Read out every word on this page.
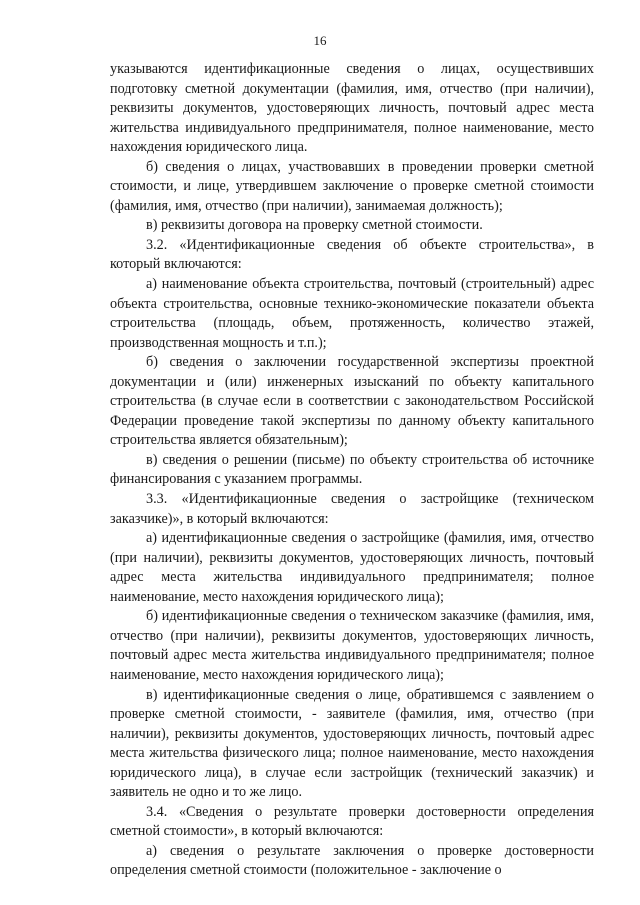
16

указываются идентификационные сведения о лицах, осуществивших подготовку сметной документации (фамилия, имя, отчество (при наличии), реквизиты документов, удостоверяющих личность, почтовый адрес места жительства индивидуального предпринимателя, полное наименование, место нахождения юридического лица.

б) сведения о лицах, участвовавших в проведении проверки сметной стоимости, и лице, утвердившем заключение о проверке сметной стоимости (фамилия, имя, отчество (при наличии), занимаемая должность);

в) реквизиты договора на проверку сметной стоимости.

3.2. «Идентификационные сведения об объекте строительства», в который включаются:

а) наименование объекта строительства, почтовый (строительный) адрес объекта строительства, основные технико-экономические показатели объекта строительства (площадь, объем, протяженность, количество этажей, производственная мощность и т.п.);

б) сведения о заключении государственной экспертизы проектной документации и (или) инженерных изысканий по объекту капитального строительства (в случае если в соответствии с законодательством Российской Федерации проведение такой экспертизы по данному объекту капитального строительства является обязательным);

в) сведения о решении (письме) по объекту строительства об источнике финансирования с указанием программы.

3.3. «Идентификационные сведения о застройщике (техническом заказчике)», в который включаются:

а) идентификационные сведения о застройщике (фамилия, имя, отчество (при наличии), реквизиты документов, удостоверяющих личность, почтовый адрес места жительства индивидуального предпринимателя; полное наименование, место нахождения юридического лица);

б) идентификационные сведения о техническом заказчике (фамилия, имя, отчество (при наличии), реквизиты документов, удостоверяющих личность, почтовый адрес места жительства индивидуального предпринимателя; полное наименование, место нахождения юридического лица);

в) идентификационные сведения о лице, обратившемся с заявлением о проверке сметной стоимости, - заявителе (фамилия, имя, отчество (при наличии), реквизиты документов, удостоверяющих личность, почтовый адрес места жительства физического лица; полное наименование, место нахождения юридического лица), в случае если застройщик (технический заказчик) и заявитель не одно и то же лицо.

3.4. «Сведения о результате проверки достоверности определения сметной стоимости», в который включаются:

а) сведения о результате заключения о проверке достоверности определения сметной стоимости (положительное - заключение о
